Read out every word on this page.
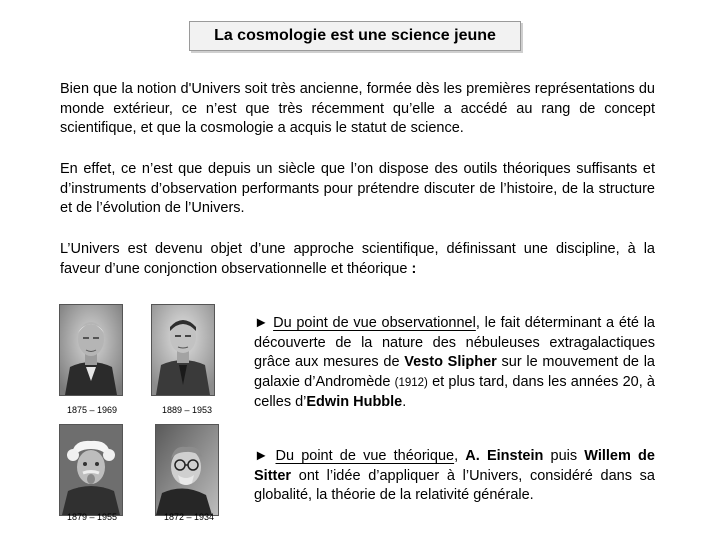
La cosmologie est une science jeune

Bien que la notion d'Univers soit très ancienne, formée dès les premières représentations du monde extérieur, ce n’est que très récemment qu’elle a accédé au rang de concept scientifique, et que la cosmologie a acquis le statut de science.

En effet, ce n’est que depuis un siècle que l’on dispose des outils théoriques suffisants et d’instruments d’observation performants pour prétendre discuter de l’histoire, de la structure et de l’évolution de l’Univers.

L’Univers est devenu objet d’une approche scientifique, définissant une discipline, à la faveur d’une conjonction observationnelle et théorique :

1875 – 1969	1889 – 1953
1879 – 1955	1872 – 1934

► Du point de vue observationnel, le fait déterminant a été la découverte de la nature des nébuleuses extragalactiques grâce aux mesures de Vesto Slipher sur le mouvement de la galaxie d’Andromède (1912) et plus tard, dans les années 20, à celles d’Edwin Hubble.

► Du point de vue théorique, A. Einstein puis Willem de Sitter ont l’idée d’appliquer à l’Univers, considéré dans sa globalité, la théorie de la relativité générale.
